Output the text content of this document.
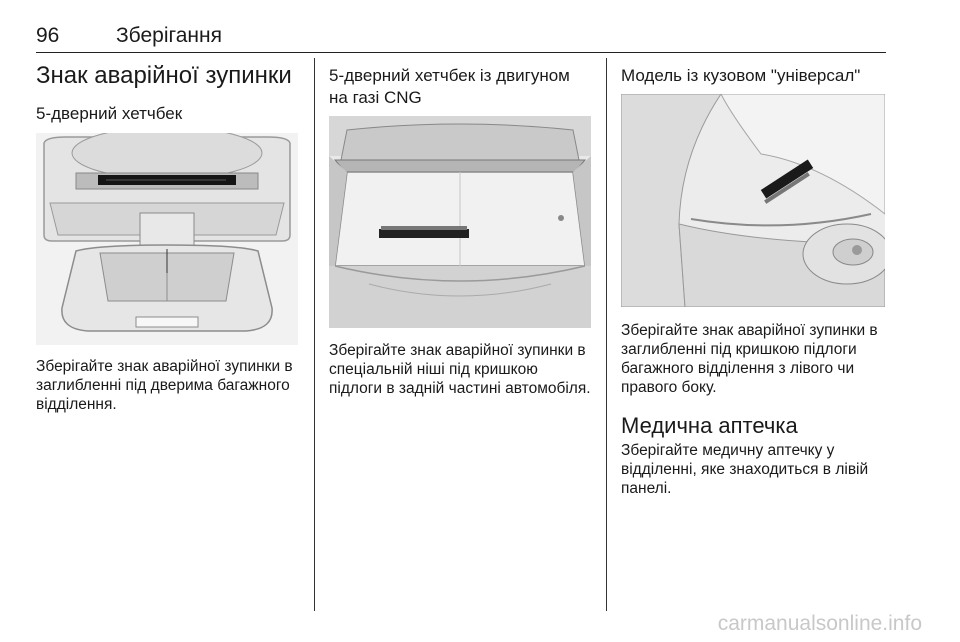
96	Зберігання
Знак аварійної зупинки
5-дверний хетчбек

Зберігайте знак аварійної зупинки в заглибленні під дверима багажного відділення.

5-дверний хетчбек із двигуном
на газі CNG

Зберігайте знак аварійної зупинки в спеціальній ніші під кришкою підлоги в задній частині автомобіля.

Модель із кузовом "універсал"

Зберігайте знак аварійної зупинки в заглибленні під кришкою підлоги багажного відділення з лівого чи правого боку.

Медична аптечка

Зберігайте медичну аптечку у відділенні, яке знаходиться в лівій панелі.

carmanualsonline.info
